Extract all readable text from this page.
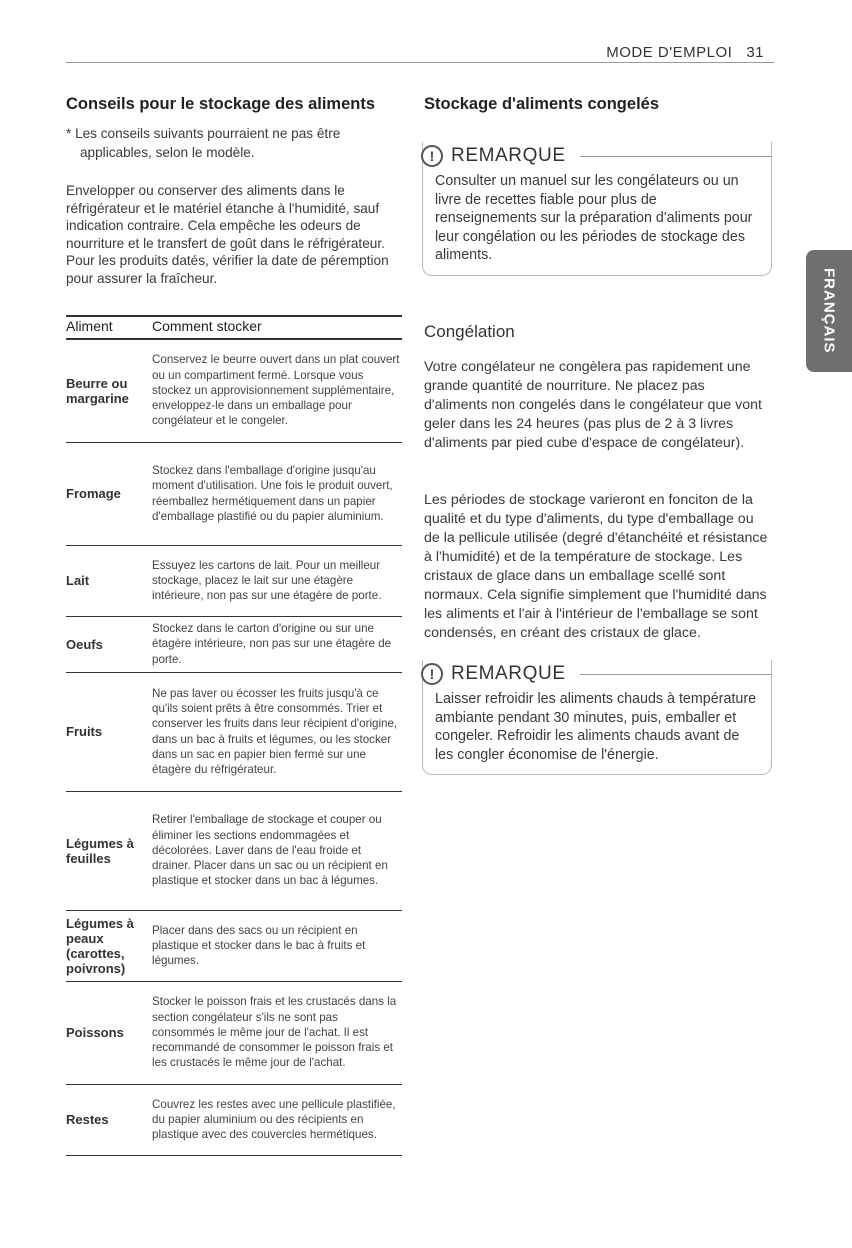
MODE D'EMPLOI 31
Conseils pour le stockage des aliments

* Les conseils suivants pourraient ne pas être applicables, selon le modèle.

Envelopper ou conserver des aliments dans le réfrigérateur et le matériel étanche à l'humidité, sauf indication contraire. Cela empêche les odeurs de nourriture et le transfert de goût dans le réfrigérateur. Pour les produits datés, vérifier la date de péremption pour assurer la fraîcheur.

Aliment	Comment stocker
Beurre ou margarine
Conservez le beurre ouvert dans un plat couvert ou un compartiment fermé. Lorsque vous stockez un approvisionnement supplémentaire, enveloppez-le dans un emballage pour congélateur et le congeler.
Fromage
Stockez dans l'emballage d'origine jusqu'au moment d'utilisation. Une fois le produit ouvert, réemballez hermétiquement dans un papier d'emballage plastifié ou du papier aluminium.
Lait
Essuyez les cartons de lait. Pour un meilleur stockage, placez le lait sur une étagère intérieure, non pas sur une étagère de porte.
Oeufs
Stockez dans le carton d'origine ou sur une étagère intérieure, non pas sur une étagère de porte.
Fruits
Ne pas laver ou écosser les fruits jusqu'à ce qu'ils soient prêts à être consommés. Trier et conserver les fruits dans leur récipient d'origine, dans un bac à fruits et légumes, ou les stocker dans un sac en papier bien fermé sur une étagère du réfrigérateur.
Légumes à feuilles
Retirer l'emballage de stockage et couper ou éliminer les sections endommagées et décolorées. Laver dans de l'eau froide et drainer. Placer dans un sac ou un récipient en plastique et stocker dans un bac à légumes.
Légumes à peaux (carottes, poivrons)
Placer dans des sacs ou un récipient en plastique et stocker dans le bac à fruits et légumes.
Poissons
Stocker le poisson frais et les crustacés dans la section congélateur s'ils ne sont pas consommés le même jour de l'achat. Il est recommandé de consommer le poisson frais et les crustacés le même jour de l'achat.
Restes
Couvrez les restes avec une pellicule plastifiée, du papier aluminium ou des récipients en plastique avec des couvercles hermétiques.
Stockage d'aliments congelés
! REMARQUE
Consulter un manuel sur les congélateurs ou un livre de recettes fiable pour plus de renseignements sur la préparation d'aliments pour leur congélation ou les périodes de stockage des aliments.
Congélation

Votre congélateur ne congèlera pas rapidement une grande quantité de nourriture. Ne placez pas d'aliments non congelés dans le congélateur que vont geler dans les 24 heures (pas plus de 2 à 3 livres d'aliments par pied cube d'espace de congélateur).

Les périodes de stockage varieront en fonciton de la qualité et du type d'aliments, du type d'emballage ou de la pellicule utilisée (degré d'étanchéité et résistance à l'humidité) et de la température de stockage. Les cristaux de glace dans un emballage scellé sont normaux. Cela signifie simplement que l'humidité dans les aliments et l'air à l'intérieur de l'emballage se sont condensés, en créant des cristaux de glace.

! REMARQUE
Laisser refroidir les aliments chauds à température ambiante pendant 30 minutes, puis, emballer et congeler. Refroidir les aliments chauds avant de les congler économise de l'énergie.
FRANÇAIS
